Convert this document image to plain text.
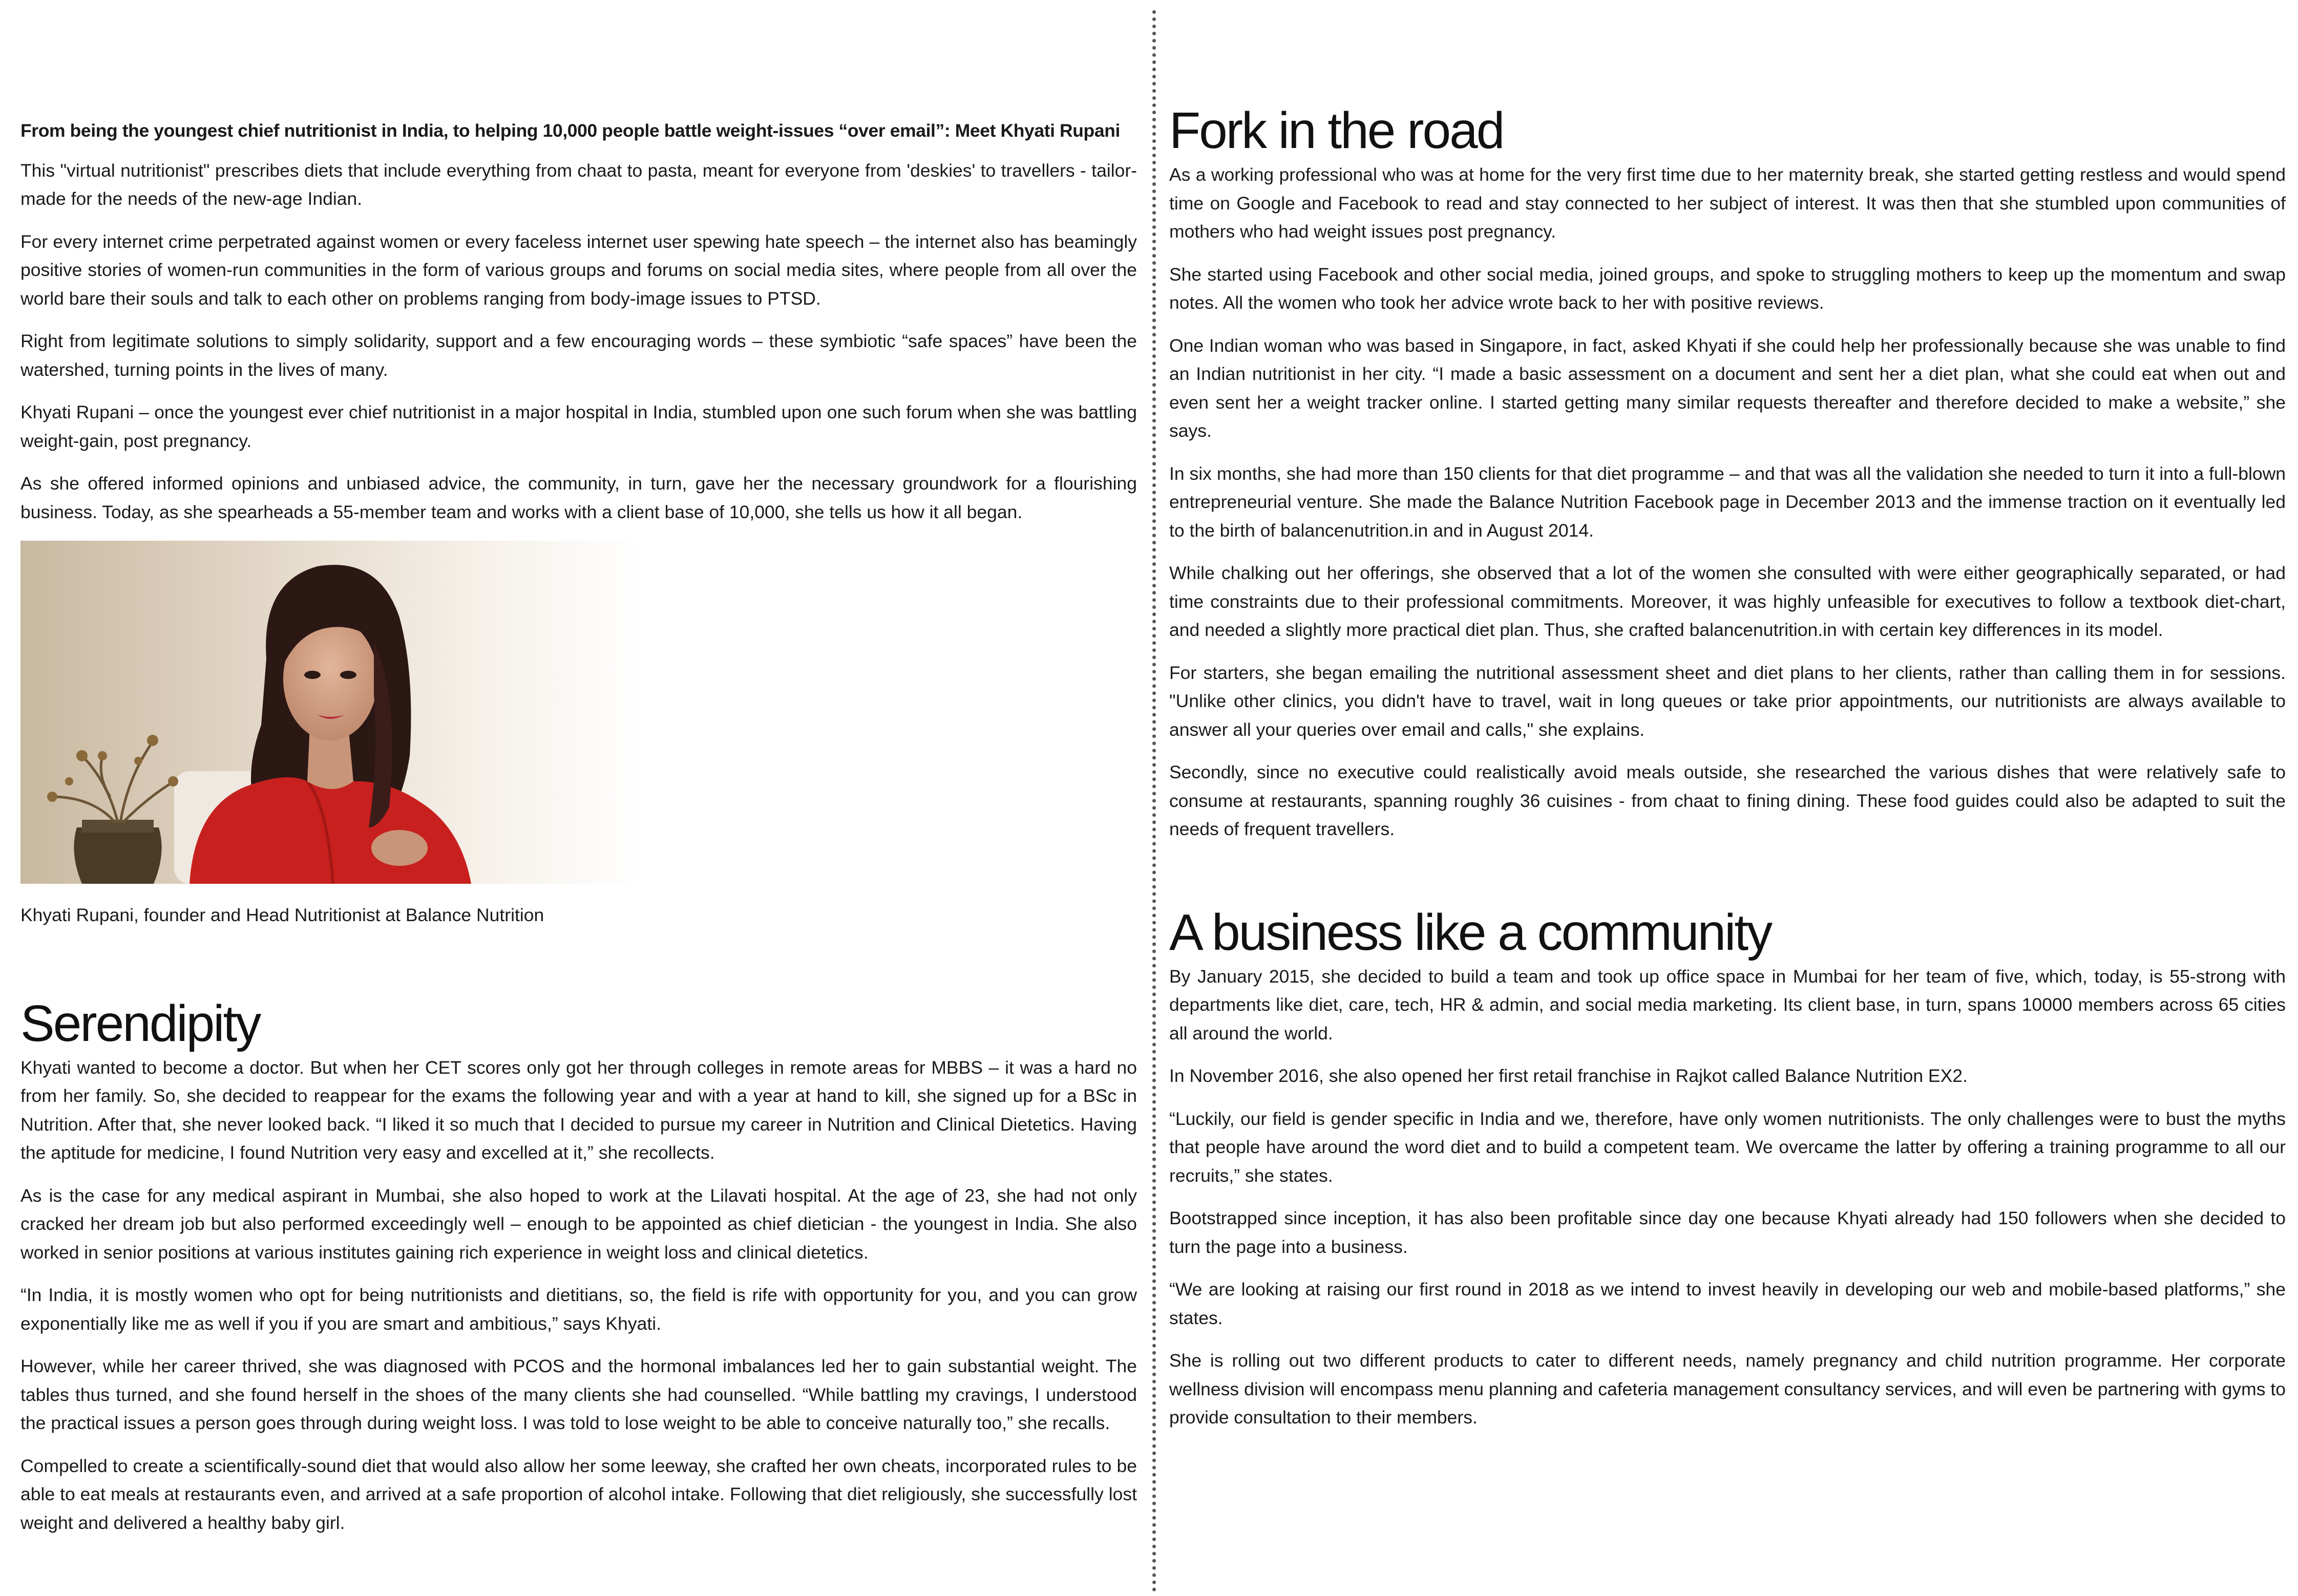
From being the youngest chief nutritionist in India, to helping 10,000 people battle weight-issues “over email”: Meet Khyati Rupani

This "virtual nutritionist" prescribes diets that include everything from chaat to pasta, meant for everyone from 'deskies' to travellers - tailor-made for the needs of the new-age Indian.

For every internet crime perpetrated against women or every faceless internet user spewing hate speech – the internet also has beamingly positive stories of women-run communities in the form of various groups and forums on social media sites, where people from all over the world bare their souls and talk to each other on problems ranging from body-image issues to PTSD.

Right from legitimate solutions to simply solidarity, support and a few encouraging words – these symbiotic “safe spaces” have been the watershed, turning points in the lives of many.

Khyati Rupani – once the youngest ever chief nutritionist in a major hospital in India, stumbled upon one such forum when she was battling weight-gain, post pregnancy.

As she offered informed opinions and unbiased advice, the community, in turn, gave her the necessary groundwork for a flourishing business. Today, as she spearheads a 55-member team and works with a client base of 10,000, she tells us how it all began.

Khyati Rupani, founder and Head Nutritionist at Balance Nutrition

Serendipity

Khyati wanted to become a doctor. But when her CET scores only got her through colleges in remote areas for MBBS – it was a hard no from her family. So, she decided to reappear for the exams the following year and with a year at hand to kill, she signed up for a BSc in Nutrition. After that, she never looked back. “I liked it so much that I decided to pursue my career in Nutrition and Clinical Dietetics. Having the aptitude for medicine, I found Nutrition very easy and excelled at it,” she recollects.

As is the case for any medical aspirant in Mumbai, she also hoped to work at the Lilavati hospital. At the age of 23, she had not only cracked her dream job but also performed exceedingly well – enough to be appointed as chief dietician - the youngest in India. She also worked in senior positions at various institutes gaining rich experience in weight loss and clinical dietetics.

“In India, it is mostly women who opt for being nutritionists and dietitians, so, the field is rife with opportunity for you, and you can grow exponentially like me as well if you if you are smart and ambitious,” says Khyati.

However, while her career thrived, she was diagnosed with PCOS and the hormonal imbalances led her to gain substantial weight. The tables thus turned, and she found herself in the shoes of the many clients she had counselled. “While battling my cravings, I understood the practical issues a person goes through during weight loss. I was told to lose weight to be able to conceive naturally too,” she recalls.

Compelled to create a scientifically-sound diet that would also allow her some leeway, she crafted her own cheats, incorporated rules to be able to eat meals at restaurants even, and arrived at a safe proportion of alcohol intake. Following that diet religiously, she successfully lost weight and delivered a healthy baby girl.

Fork in the road

As a working professional who was at home for the very first time due to her maternity break, she started getting restless and would spend time on Google and Facebook to read and stay connected to her subject of interest. It was then that she stumbled upon communities of mothers who had weight issues post pregnancy.

She started using Facebook and other social media, joined groups, and spoke to struggling mothers to keep up the momentum and swap notes. All the women who took her advice wrote back to her with positive reviews.

One Indian woman who was based in Singapore, in fact, asked Khyati if she could help her professionally because she was unable to find an Indian nutritionist in her city. “I made a basic assessment on a document and sent her a diet plan, what she could eat when out and even sent her a weight tracker online. I started getting many similar requests thereafter and therefore decided to make a website,” she says.

In six months, she had more than 150 clients for that diet programme – and that was all the validation she needed to turn it into a full-blown entrepreneurial venture. She made the Balance Nutrition Facebook page in December 2013 and the immense traction on it eventually led to the birth of balancenutrition.in and in August 2014.

While chalking out her offerings, she observed that a lot of the women she consulted with were either geographically separated, or had time constraints due to their professional commitments. Moreover, it was highly unfeasible for executives to follow a textbook diet-chart, and needed a slightly more practical diet plan. Thus, she crafted balancenutrition.in with certain key differences in its model.

For starters, she began emailing the nutritional assessment sheet and diet plans to her clients, rather than calling them in for sessions. "Unlike other clinics, you didn't have to travel, wait in long queues or take prior appointments, our nutritionists are always available to answer all your queries over email and calls," she explains.

Secondly, since no executive could realistically avoid meals outside, she researched the various dishes that were relatively safe to consume at restaurants, spanning roughly 36 cuisines - from chaat to fining dining. These food guides could also be adapted to suit the needs of frequent travellers.

A business like a community

By January 2015, she decided to build a team and took up office space in Mumbai for her team of five, which, today, is 55-strong with departments like diet, care, tech, HR & admin, and social media marketing. Its client base, in turn, spans 10000 members across 65 cities all around the world.

In November 2016, she also opened her first retail franchise in Rajkot called Balance Nutrition EX2.

“Luckily, our field is gender specific in India and we, therefore, have only women nutritionists. The only challenges were to bust the myths that people have around the word diet and to build a competent team. We overcame the latter by offering a training programme to all our recruits,” she states.

Bootstrapped since inception, it has also been profitable since day one because Khyati already had 150 followers when she decided to turn the page into a business.

“We are looking at raising our first round in 2018 as we intend to invest heavily in developing our web and mobile-based platforms,” she states.

She is rolling out two different products to cater to different needs, namely pregnancy and child nutrition programme. Her corporate wellness division will encompass menu planning and cafeteria management consultancy services, and will even be partnering with gyms to provide consultation to their members.
